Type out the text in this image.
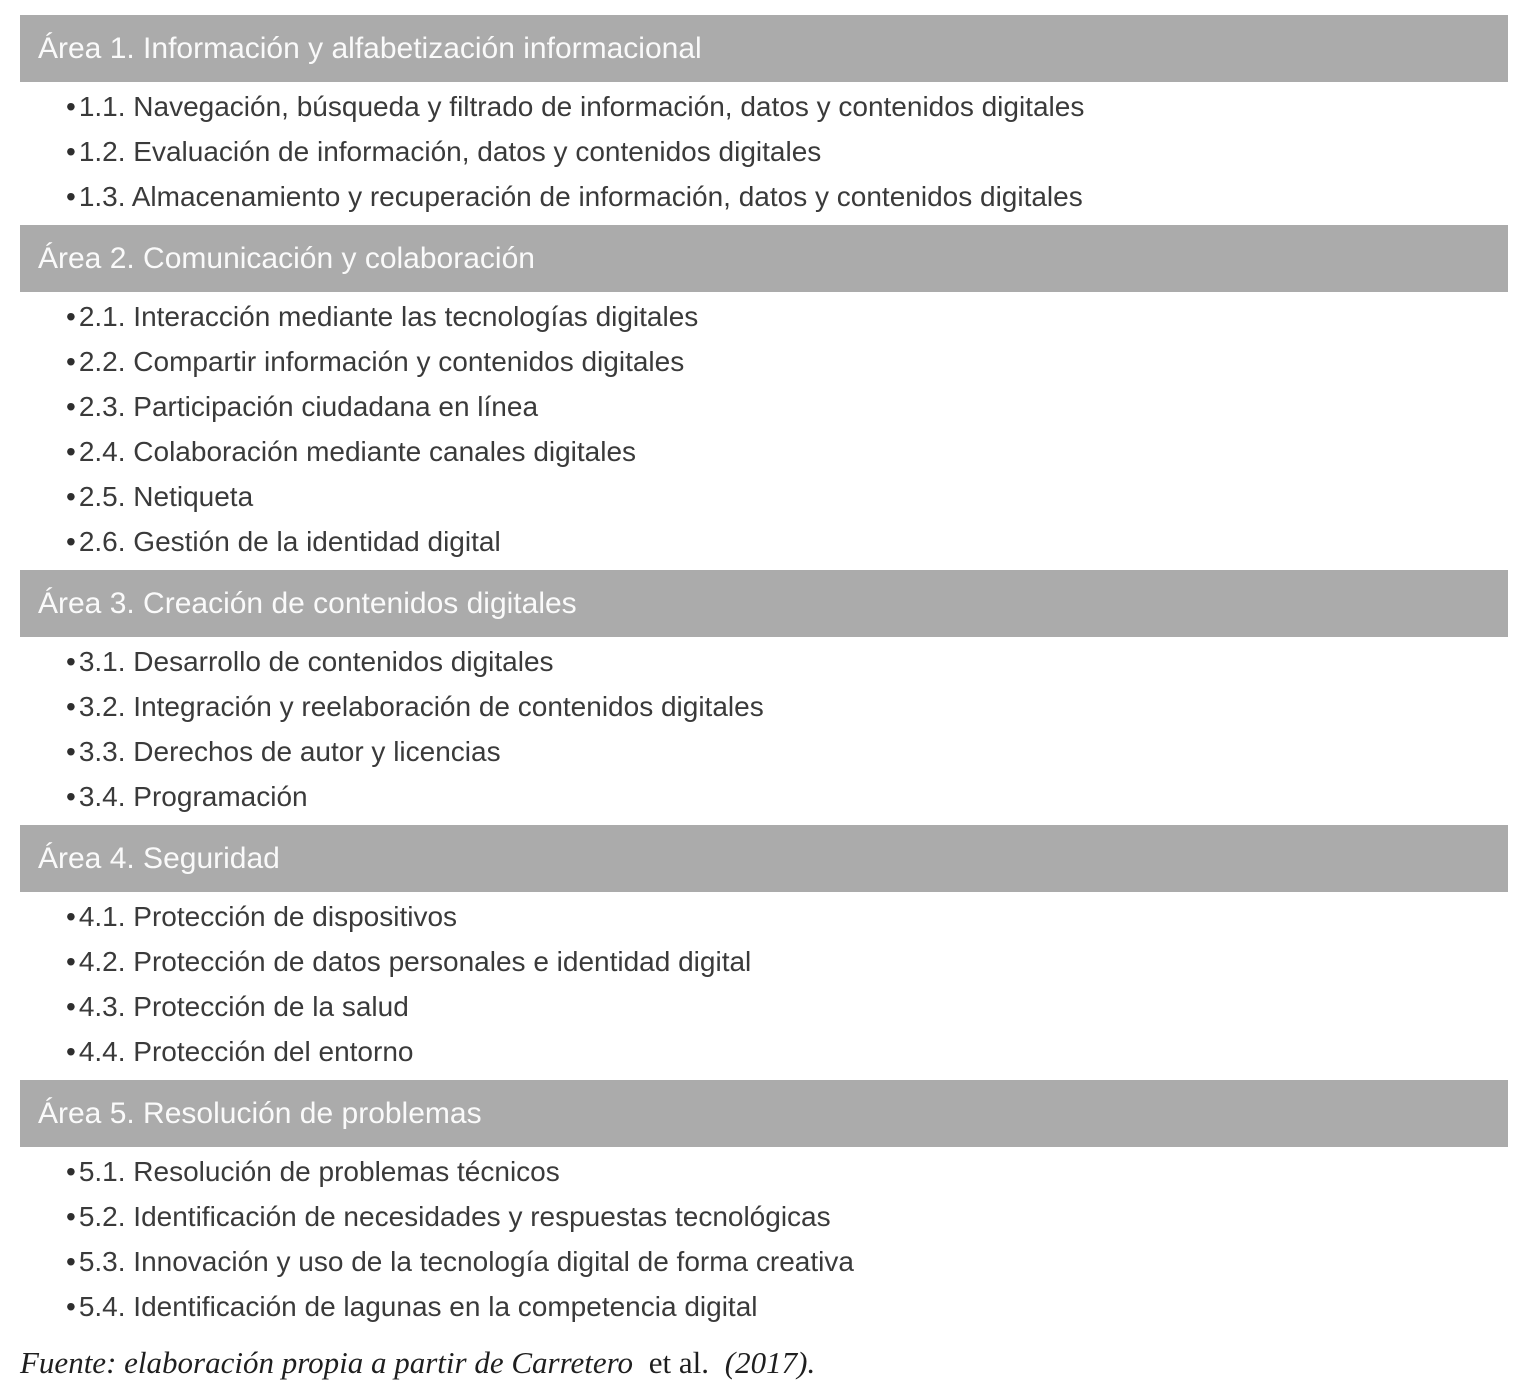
Área 1. Información y alfabetización informacional
• 1.1. Navegación, búsqueda y filtrado de información, datos y contenidos digitales
• 1.2. Evaluación de información, datos y contenidos digitales
• 1.3. Almacenamiento y recuperación de información, datos y contenidos digitales
Área 2. Comunicación y colaboración
• 2.1. Interacción mediante las tecnologías digitales
• 2.2. Compartir información y contenidos digitales
• 2.3. Participación ciudadana en línea
• 2.4. Colaboración mediante canales digitales
• 2.5. Netiqueta
• 2.6. Gestión de la identidad digital
Área 3. Creación de contenidos digitales
• 3.1. Desarrollo de contenidos digitales
• 3.2. Integración y reelaboración de contenidos digitales
• 3.3. Derechos de autor y licencias
• 3.4. Programación
Área 4. Seguridad
• 4.1. Protección de dispositivos
• 4.2. Protección de datos personales e identidad digital
• 4.3. Protección de la salud
• 4.4. Protección del entorno
Área 5. Resolución de problemas
• 5.1. Resolución de problemas técnicos
• 5.2. Identificación de necesidades y respuestas tecnológicas
• 5.3. Innovación y uso de la tecnología digital de forma creativa
• 5.4. Identificación de lagunas en la competencia digital

Fuente: elaboración propia a partir de Carretero et al. (2017).
